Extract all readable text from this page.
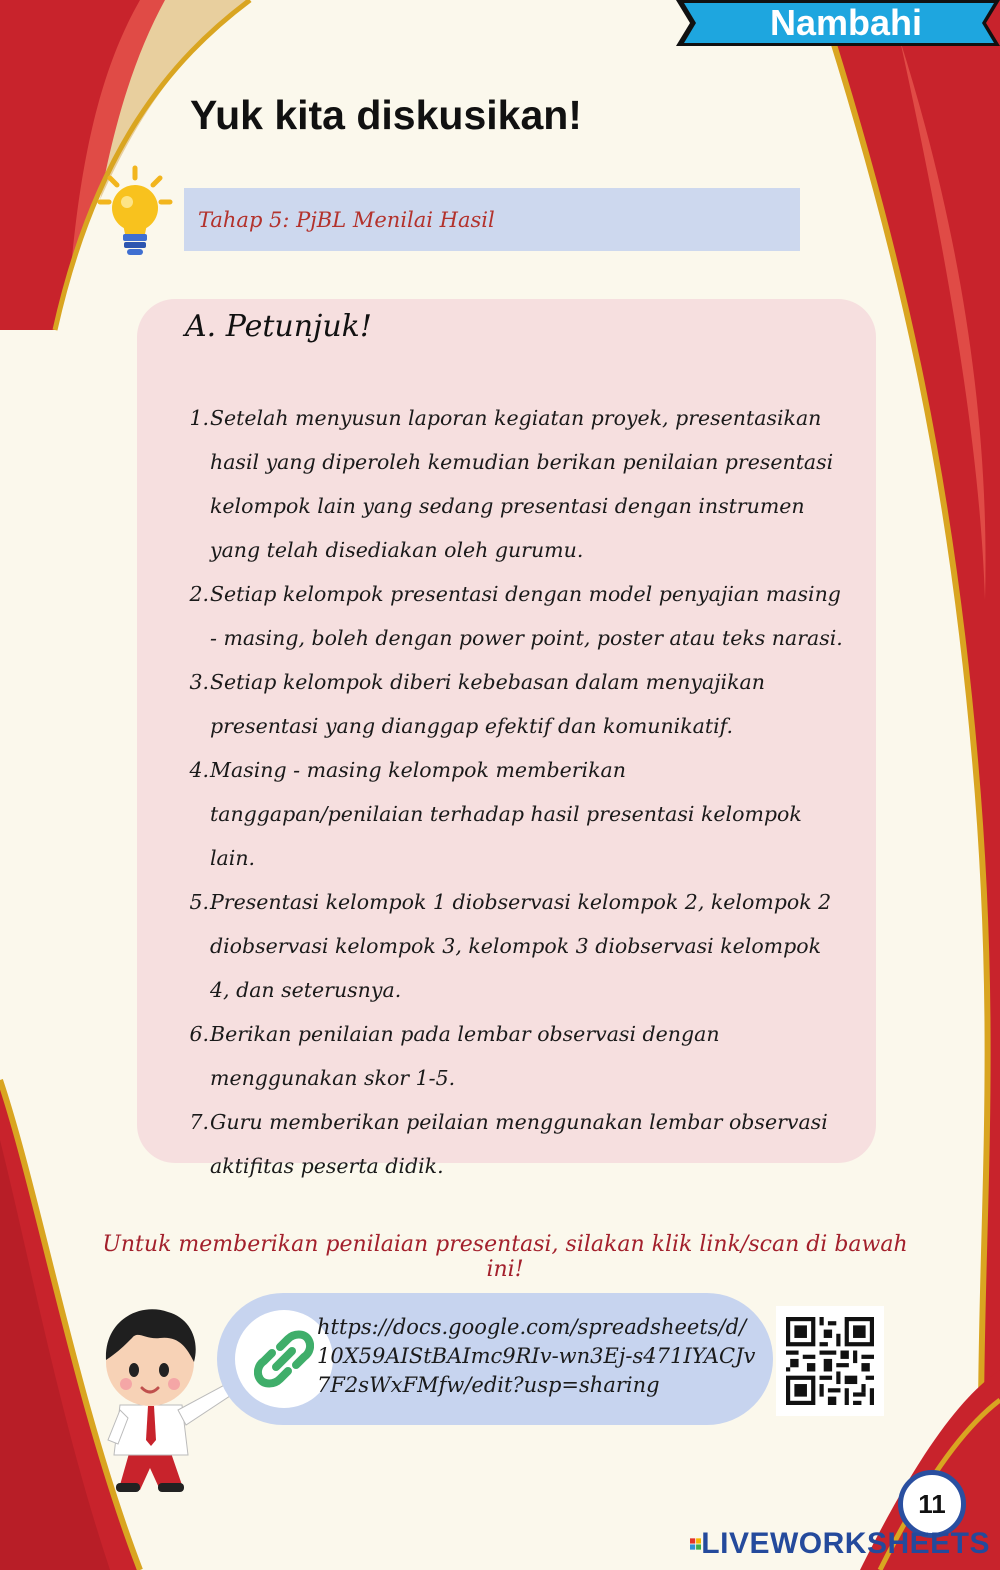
Nambahi
Yuk kita diskusikan!
Tahap 5: PjBL Menilai Hasil
A. Petunjuk!
1. Setelah menyusun laporan kegiatan proyek, presentasikan hasil yang diperoleh kemudian berikan penilaian presentasi kelompok lain yang sedang presentasi dengan instrumen yang telah disediakan oleh gurumu.
2. Setiap kelompok presentasi dengan model penyajian masing - masing, boleh dengan power point, poster atau teks narasi.
3. Setiap kelompok diberi kebebasan dalam menyajikan presentasi yang dianggap efektif dan komunikatif.
4. Masing - masing kelompok memberikan tanggapan/penilaian terhadap hasil presentasi kelompok lain.
5. Presentasi kelompok 1 diobservasi kelompok 2, kelompok 2 diobservasi kelompok 3, kelompok 3 diobservasi kelompok 4, dan seterusnya.
6. Berikan penilaian pada lembar observasi dengan menggunakan skor 1-5.
7. Guru memberikan peilaian menggunakan lembar observasi aktifitas peserta didik.
Untuk memberikan penilaian presentasi, silakan klik link/scan di bawah ini!
https://docs.google.com/spreadsheets/d/10X59AIStBAImc9RIv-wn3Ej-s471IYACJv7F2sWxFMfw/edit?usp=sharing
11
LIVEWORKSHEETS
